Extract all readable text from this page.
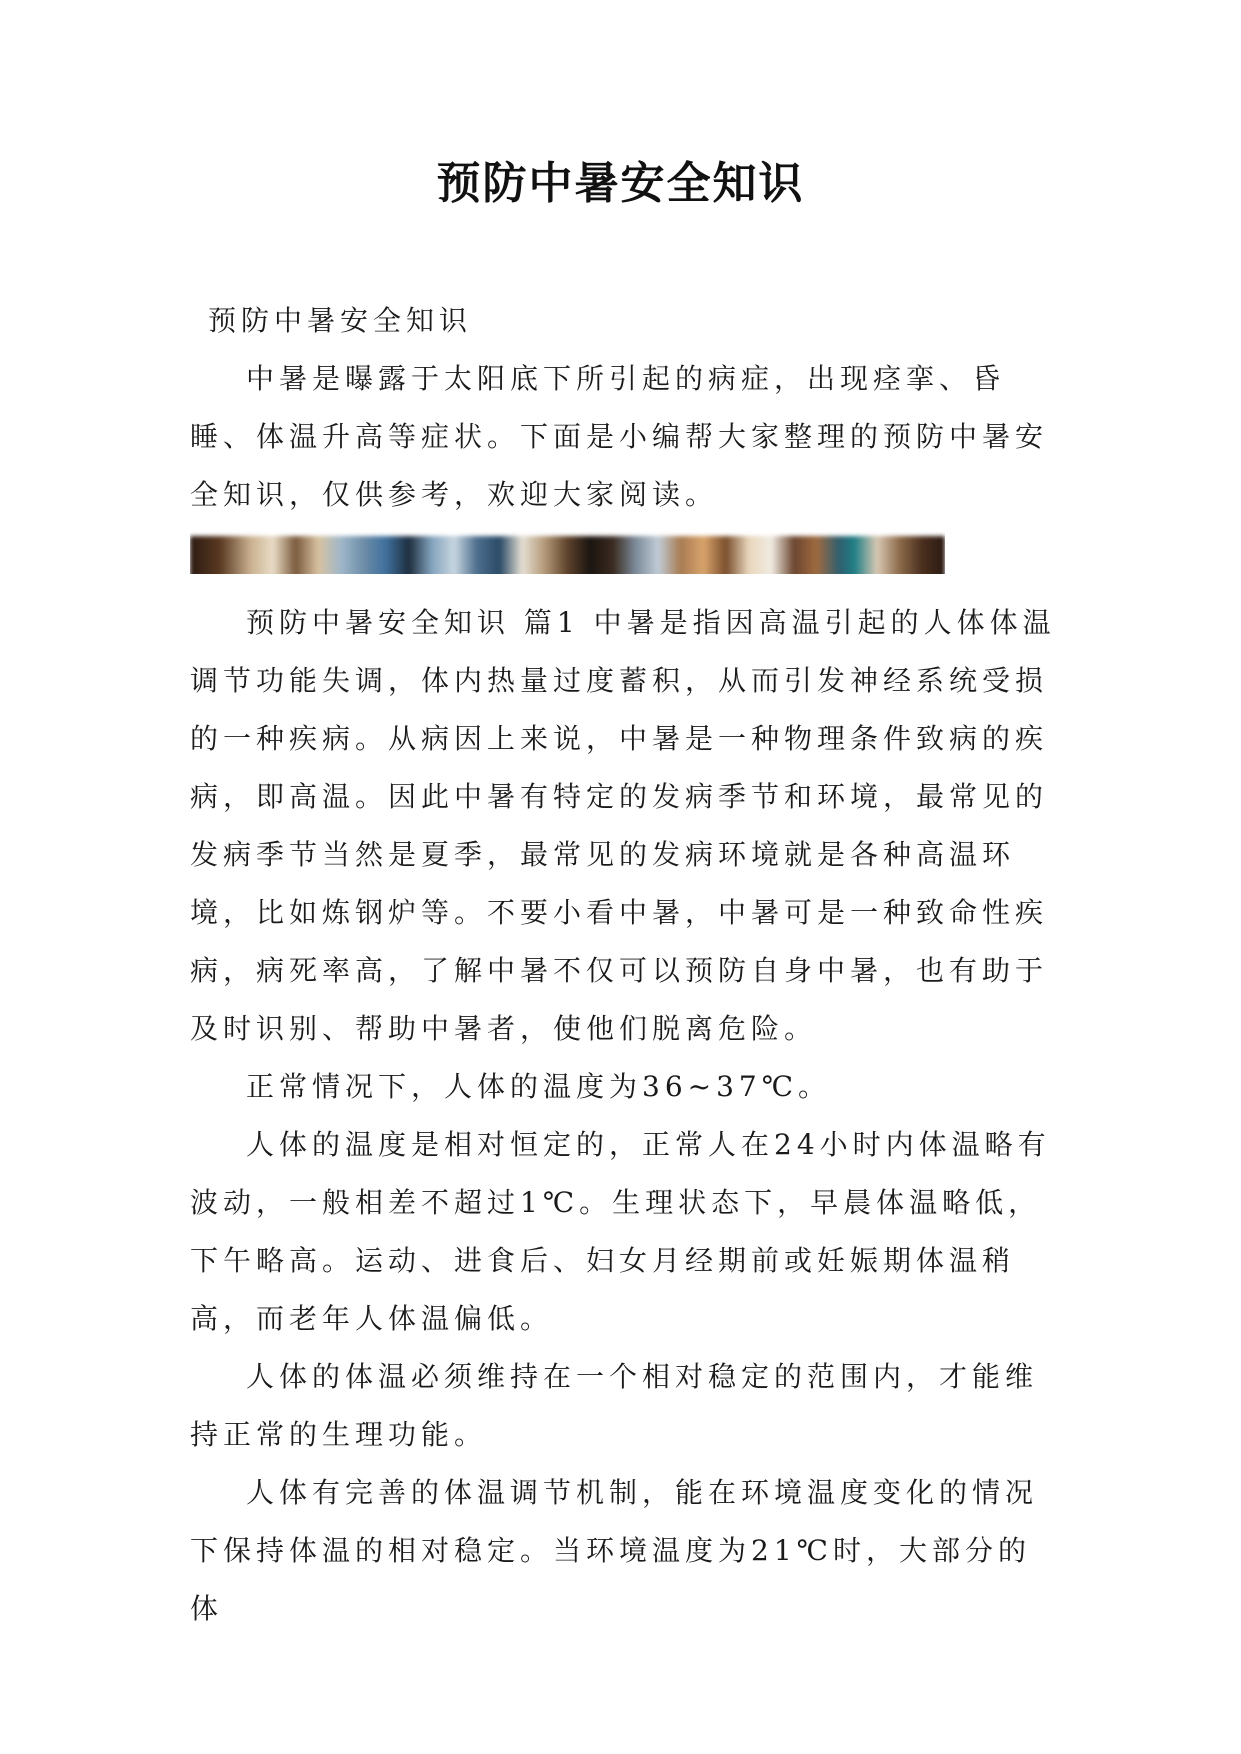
预防中暑安全知识
预防中暑安全知识

中暑是曝露于太阳底下所引起的病症，出现痉挛、昏睡、体温升高等症状。下面是小编帮大家整理的预防中暑安全知识，仅供参考，欢迎大家阅读。

预防中暑安全知识 篇1 中暑是指因高温引起的人体体温调节功能失调，体内热量过度蓄积，从而引发神经系统受损的一种疾病。从病因上来说，中暑是一种物理条件致病的疾病，即高温。因此中暑有特定的发病季节和环境，最常见的发病季节当然是夏季，最常见的发病环境就是各种高温环境，比如炼钢炉等。不要小看中暑，中暑可是一种致命性疾病，病死率高，了解中暑不仅可以预防自身中暑，也有助于及时识别、帮助中暑者，使他们脱离危险。

正常情况下，人体的温度为36~37℃。

人体的温度是相对恒定的，正常人在24小时内体温略有波动，一般相差不超过1℃。生理状态下，早晨体温略低，下午略高。运动、进食后、妇女月经期前或妊娠期体温稍高，而老年人体温偏低。

人体的体温必须维持在一个相对稳定的范围内，才能维持正常的生理功能。

人体有完善的体温调节机制，能在环境温度变化的情况下保持体温的相对稳定。当环境温度为21℃时，大部分的体
